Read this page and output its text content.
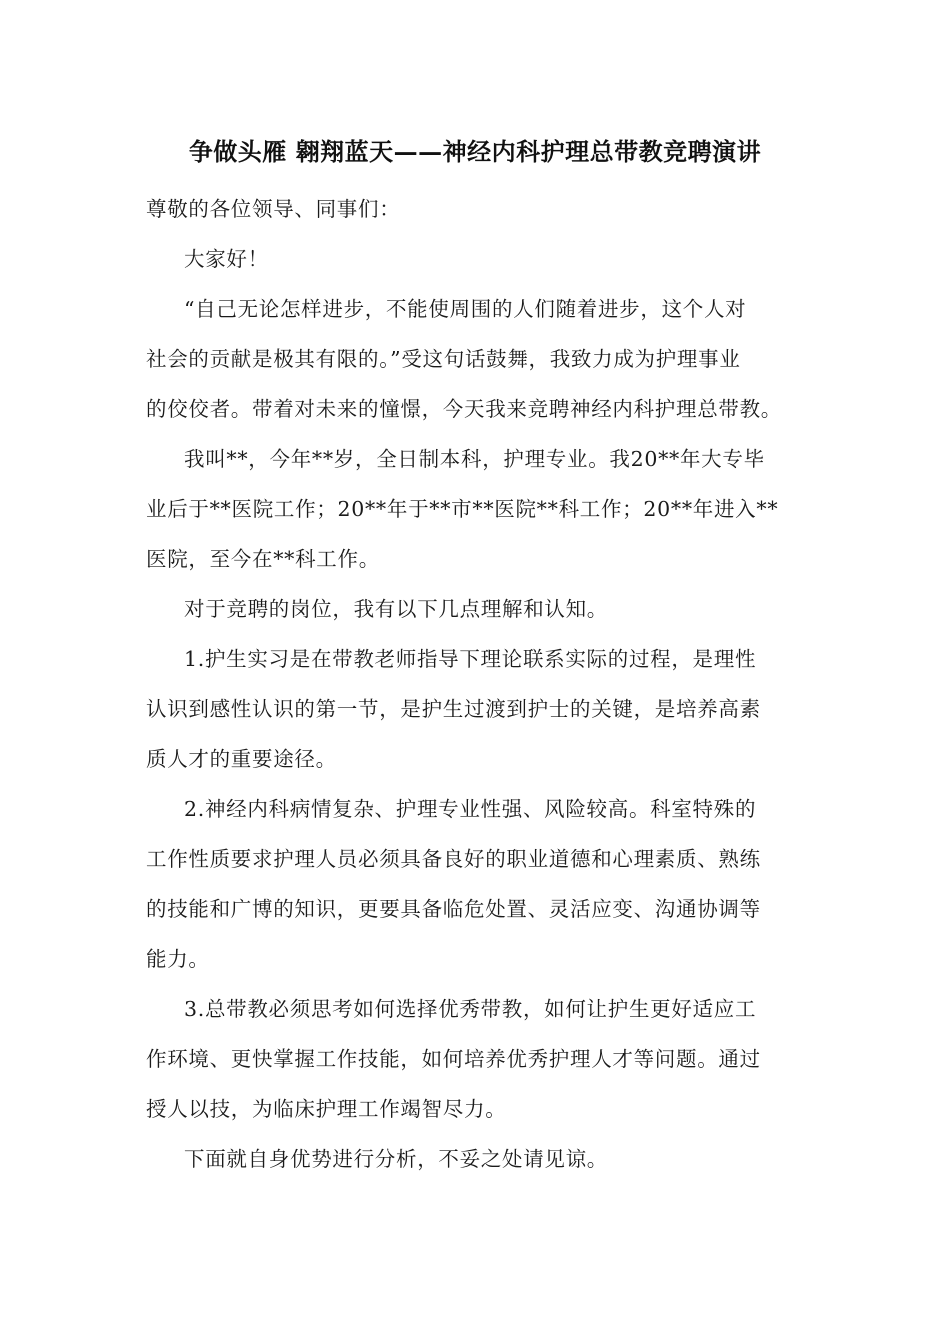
争做头雁 翱翔蓝天——神经内科护理总带教竞聘演讲
尊敬的各位领导、同事们：
大家好！
“自己无论怎样进步，不能使周围的人们随着进步，这个人对
社会的贡献是极其有限的。”受这句话鼓舞，我致力成为护理事业
的佼佼者。带着对未来的憧憬，今天我来竞聘神经内科护理总带教。
我叫**，今年**岁，全日制本科，护理专业。我20**年大专毕
业后于**医院工作；20**年于**市**医院**科工作；20**年进入**
医院，至今在**科工作。
对于竞聘的岗位，我有以下几点理解和认知。
1.护生实习是在带教老师指导下理论联系实际的过程，是理性
认识到感性认识的第一节，是护生过渡到护士的关键，是培养高素
质人才的重要途径。
2.神经内科病情复杂、护理专业性强、风险较高。科室特殊的
工作性质要求护理人员必须具备良好的职业道德和心理素质、熟练
的技能和广博的知识，更要具备临危处置、灵活应变、沟通协调等
能力。
3.总带教必须思考如何选择优秀带教，如何让护生更好适应工
作环境、更快掌握工作技能，如何培养优秀护理人才等问题。通过
授人以技，为临床护理工作竭智尽力。
下面就自身优势进行分析，不妥之处请见谅。
